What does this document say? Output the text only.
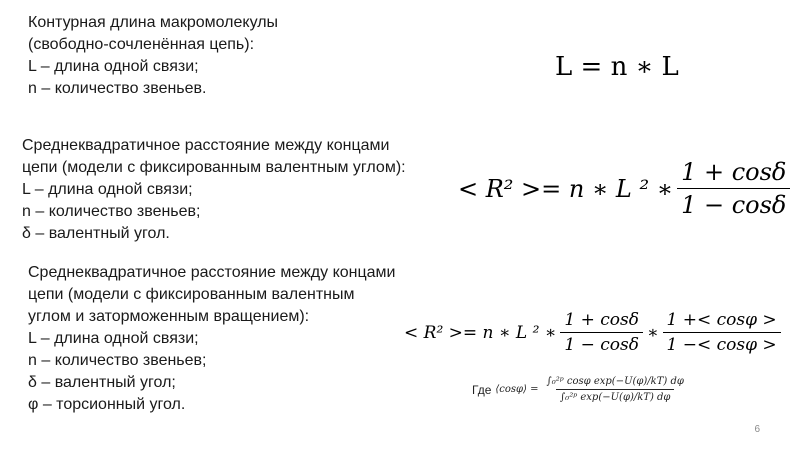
Контурная длина макромолекулы
(свободно-сочленённая цепь):
L – длина одной связи;
n – количество звеньев.
L = n ∗ L
Среднеквадратичное расстояние между концами
цепи (модели с фиксированным валентным углом):
L – длина одной связи;
n – количество звеньев;
δ – валентный угол.
< R² >= n ∗ L ² ∗ $\frac{1 + \cos\delta}{1 - \cos\delta}$
Среднеквадратичное расстояние между концами
цепи (модели с фиксированным валентным
углом и заторможенным вращением):
L – длина одной связи;
n – количество звеньев;
δ – валентный угол;
φ – торсионный угол.
< R² >= n ∗ L ² ∗ $\frac{1 + \cos\delta}{1 - \cos\delta}$ ∗ $\frac{1 +< \cos\varphi >}{1 -< \cos\varphi >}$
Где ⟨cosφ⟩ = $\frac{\text{∫₀²ᵖ cosφ exp(−U(φ)/kT) dφ}}{\text{∫₀²ᵖ exp(−U(φ)/kT) dφ}}$
6
